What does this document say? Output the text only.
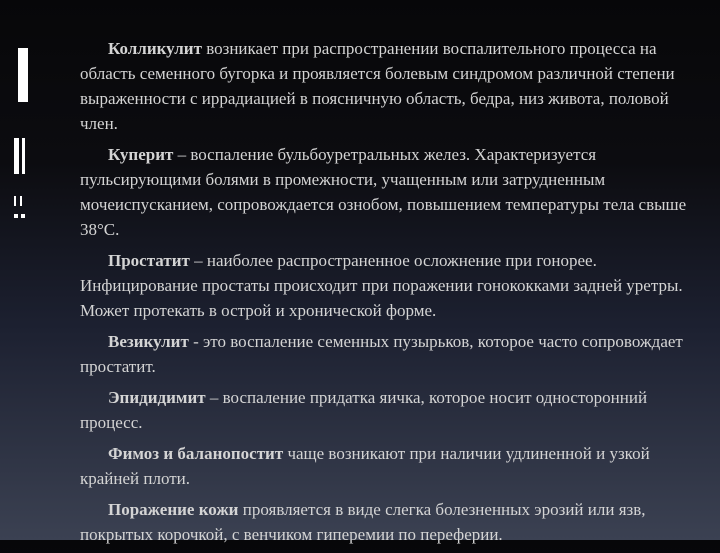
Колликулит возникает при распространении воспалительного процесса на область семенного бугорка и проявляется болевым синдромом различной степени выраженности с иррадиацией в поясничную область, бедра, низ живота, половой член.

Куперит – воспаление бульбоуретральных желез. Характеризуется пульсирующими болями в промежности, учащенным или затрудненным мочеиспусканием, сопровождается ознобом, повышением температуры тела свыше 38°С.

Простатит – наиболее распространенное осложнение при гонорее. Инфицирование простаты происходит при поражении гонококками задней уретры. Может протекать в острой и хронической форме.

Везикулит - это воспаление семенных пузырьков, которое часто сопровождает простатит.

Эпидидимит – воспаление придатка яичка, которое носит односторонний процесс.

Фимоз и баланопостит чаще возникают при наличии удлиненной и узкой крайней плоти.

Поражение кожи проявляется в виде слегка болезненных эрозий или язв, покрытых корочкой, с венчиком гиперемии по переферии.
